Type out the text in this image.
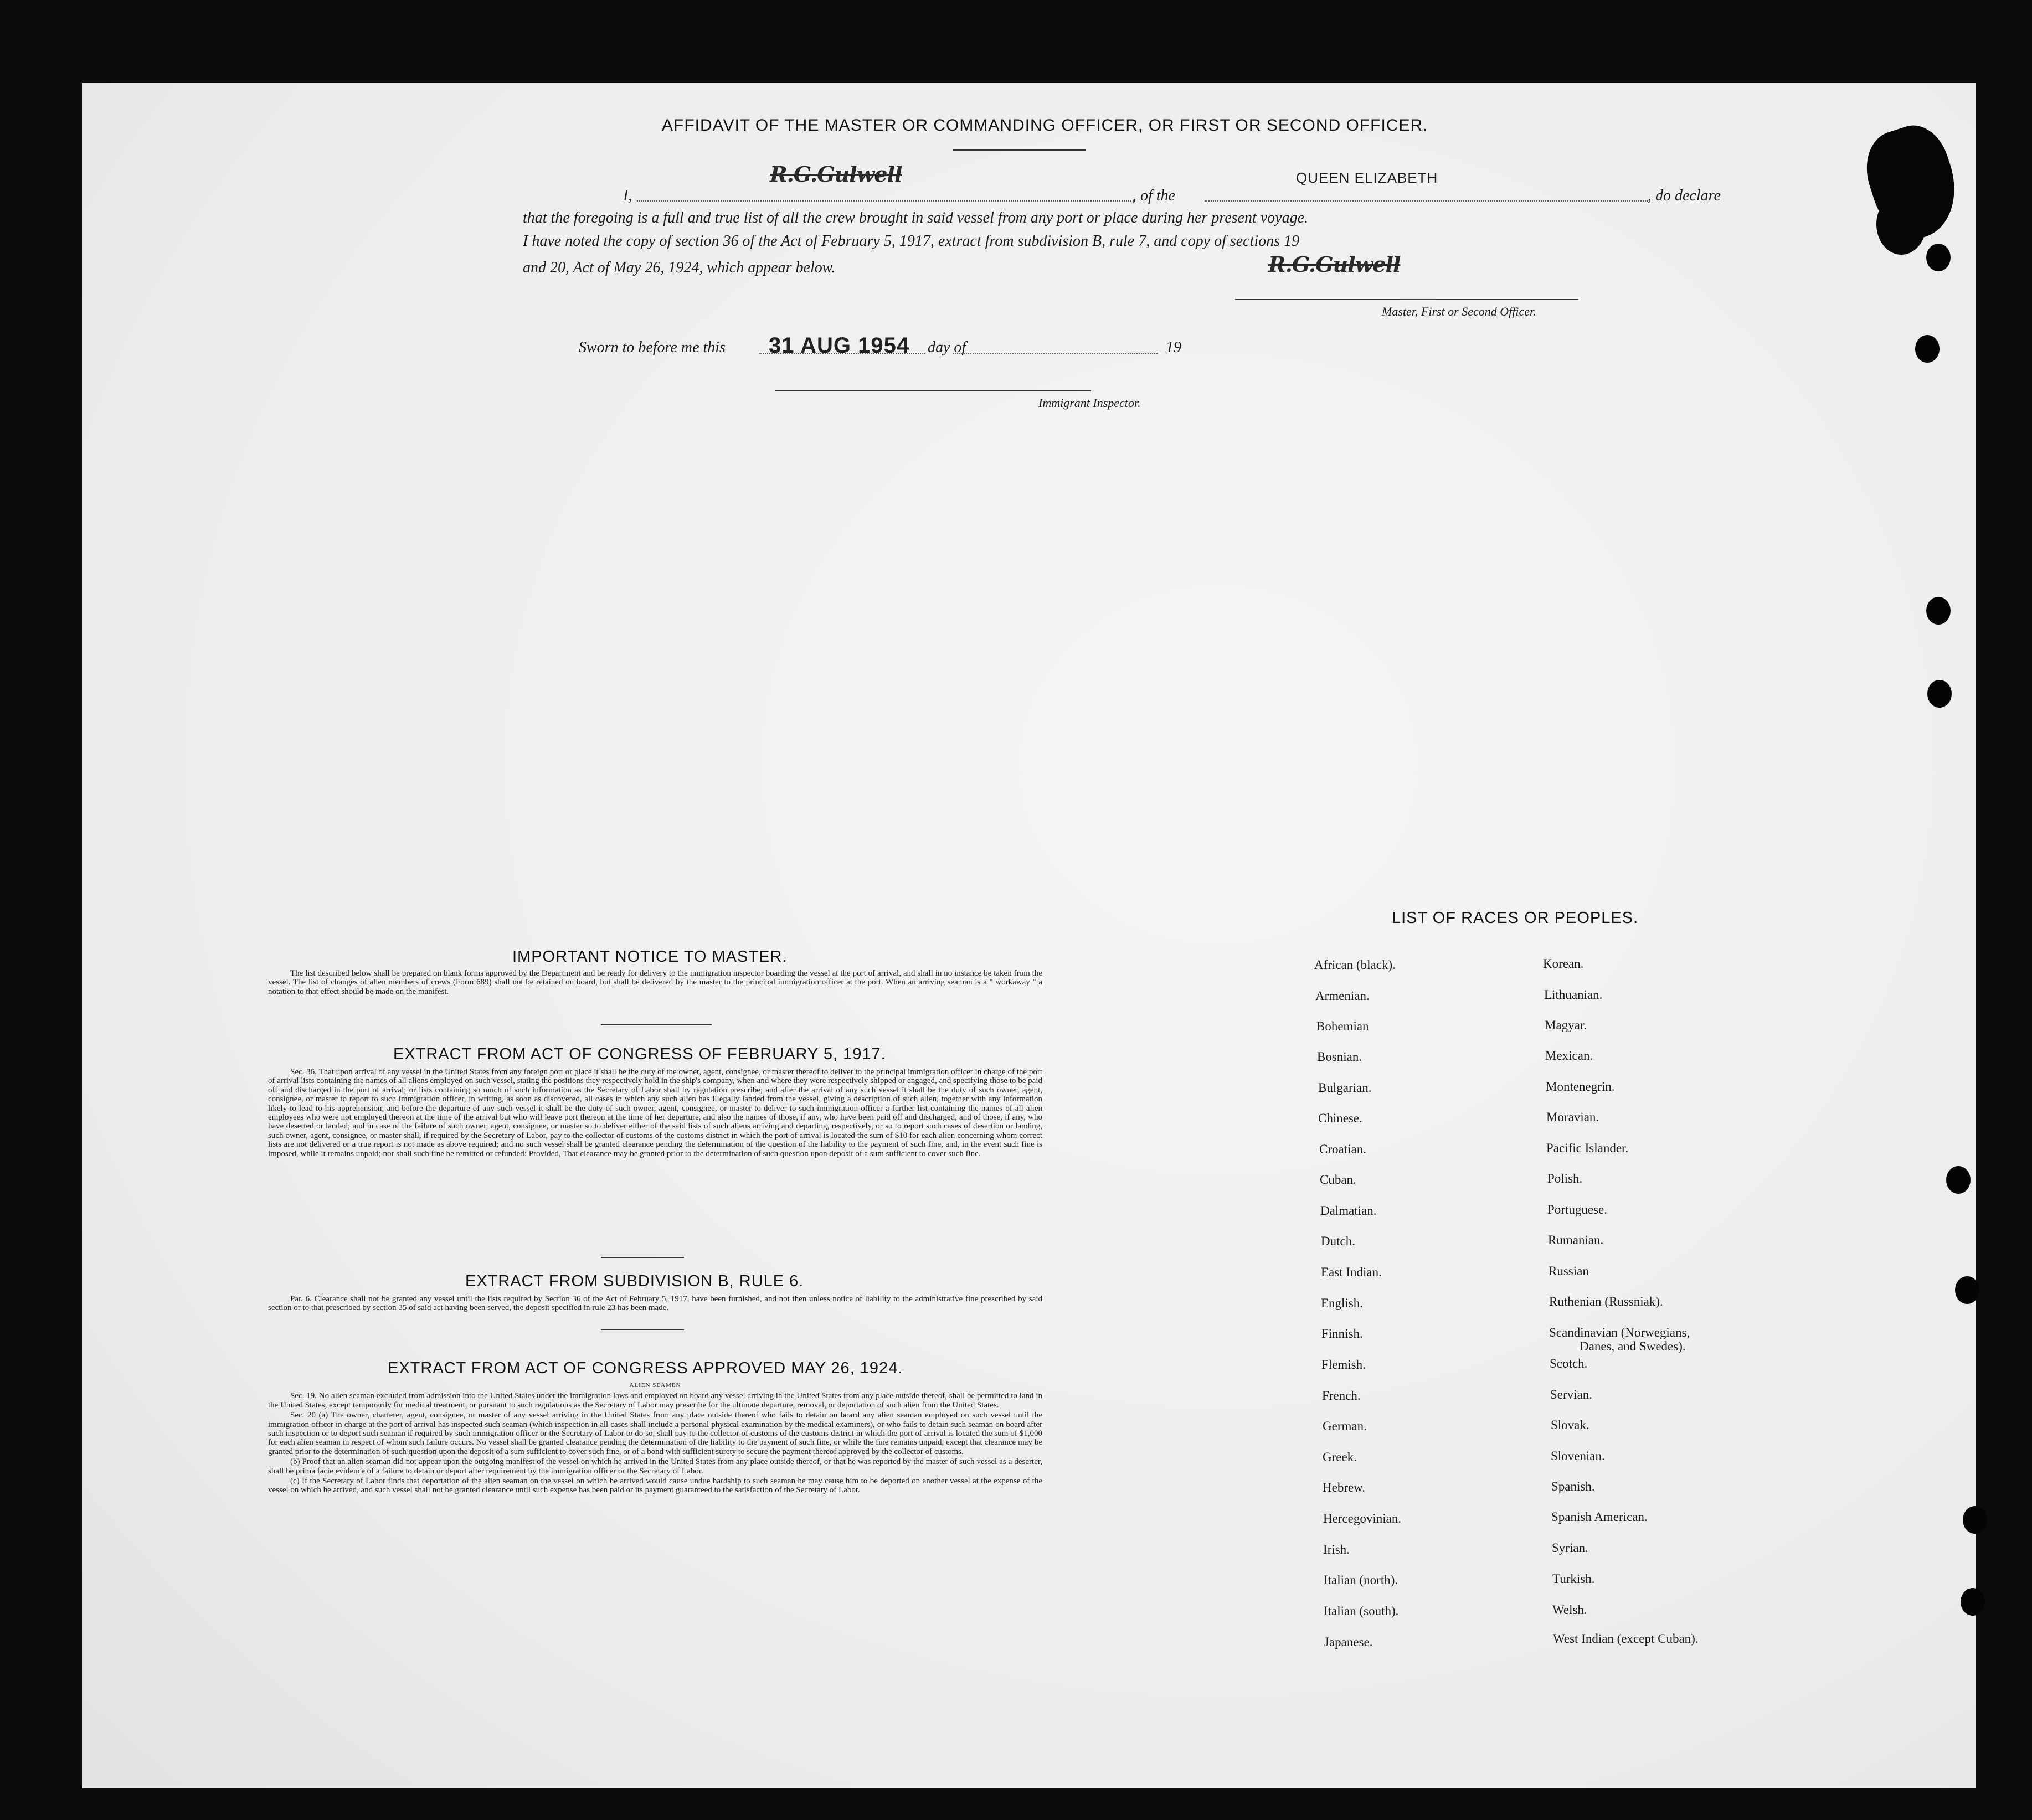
AFFIDAVIT OF THE MASTER OR COMMANDING OFFICER, OR FIRST OR SECOND OFFICER.
I,
R.G.Gulwell
, of the
QUEEN ELIZABETH
, do declare
that the foregoing is a full and true list of all the crew brought in said vessel from any port or place during her present voyage.
I have noted the copy of section 36 of the Act of February 5, 1917, extract from subdivision B, rule 7, and copy of sections 19
and 20, Act of May 26, 1924, which appear below.	R.G.Gulwell
Master, First or Second Officer.
Sworn to before me this 31 AUG 1954 day of	19
Immigrant Inspector.
IMPORTANT NOTICE TO MASTER.

The list described below shall be prepared on blank forms approved by the Department and be ready for delivery to the immigration inspector boarding the vessel at the port of arrival, and shall in no instance be taken from the vessel. The list of changes of alien members of crews (Form 689) shall not be retained on board, but shall be delivered by the master to the principal immigration officer at the port. When an arriving seaman is a " workaway " a notation to that effect should be made on the manifest.

EXTRACT FROM ACT OF CONGRESS OF FEBRUARY 5, 1917.

Sec. 36. That upon arrival of any vessel in the United States from any foreign port or place it shall be the duty of the owner, agent, consignee, or master thereof to deliver to the principal immigration officer in charge of the port of arrival lists containing the names of all aliens employed on such vessel, stating the positions they respectively hold in the ship's company, when and where they were respectively shipped or engaged, and specifying those to be paid off and discharged in the port of arrival; or lists containing so much of such information as the Secretary of Labor shall by regulation prescribe; and after the arrival of any such vessel it shall be the duty of such owner, agent, consignee, or master to report to such immigration officer, in writing, as soon as discovered, all cases in which any such alien has illegally landed from the vessel, giving a description of such alien, together with any information likely to lead to his apprehension; and before the departure of any such vessel it shall be the duty of such owner, agent, consignee, or master to deliver to such immigration officer a further list containing the names of all alien employees who were not employed thereon at the time of the arrival but who will leave port thereon at the time of her departure, and also the names of those, if any, who have been paid off and discharged, and of those, if any, who have deserted or landed; and in case of the failure of such owner, agent, consignee, or master so to deliver either of the said lists of such aliens arriving and departing, respectively, or so to report such cases of desertion or landing, such owner, agent, consignee, or master shall, if required by the Secretary of Labor, pay to the collector of customs of the customs district in which the port of arrival is located the sum of $10 for each alien concerning whom correct lists are not delivered or a true report is not made as above required; and no such vessel shall be granted clearance pending the determination of the question of the liability to the payment of such fine, and, in the event such fine is imposed, while it remains unpaid; nor shall such fine be remitted or refunded: Provided, That clearance may be granted prior to the determination of such question upon deposit of a sum sufficient to cover such fine.

EXTRACT FROM SUBDIVISION B, RULE 6.

Par. 6. Clearance shall not be granted any vessel until the lists required by Section 36 of the Act of February 5, 1917, have been furnished, and not then unless notice of liability to the administrative fine prescribed by said section or to that prescribed by section 35 of said act having been served, the deposit specified in rule 23 has been made.

EXTRACT FROM ACT OF CONGRESS APPROVED MAY 26, 1924.

ALIEN SEAMEN

Sec. 19. No alien seaman excluded from admission into the United States under the immigration laws and employed on board any vessel arriving in the United States from any place outside thereof, shall be permitted to land in the United States, except temporarily for medical treatment, or pursuant to such regulations as the Secretary of Labor may prescribe for the ultimate departure, removal, or deportation of such alien from the United States.

Sec. 20 (a) The owner, charterer, agent, consignee, or master of any vessel arriving in the United States from any place outside thereof who fails to detain on board any alien seaman employed on such vessel until the immigration officer in charge at the port of arrival has inspected such seaman (which inspection in all cases shall include a personal physical examination by the medical examiners), or who fails to detain such seaman on board after such inspection or to deport such seaman if required by such immigration officer or the Secretary of Labor to do so, shall pay to the collector of customs of the customs district in which the port of arrival is located the sum of $1,000 for each alien seaman in respect of whom such failure occurs. No vessel shall be granted clearance pending the determination of the liability to the payment of such fine, or while the fine remains unpaid, except that clearance may be granted prior to the determination of such question upon the deposit of a sum sufficient to cover such fine, or of a bond with sufficient surety to secure the payment thereof approved by the collector of customs.

(b) Proof that an alien seaman did not appear upon the outgoing manifest of the vessel on which he arrived in the United States from any place outside thereof, or that he was reported by the master of such vessel as a deserter, shall be prima facie evidence of a failure to detain or deport after requirement by the immigration officer or the Secretary of Labor.

(c) If the Secretary of Labor finds that deportation of the alien seaman on the vessel on which he arrived would cause undue hardship to such seaman he may cause him to be deported on another vessel at the expense of the vessel on which he arrived, and such vessel shall not be granted clearance until such expense has been paid or its payment guaranteed to the satisfaction of the Secretary of Labor.

LIST OF RACES OR PEOPLES.
African (black).
Armenian.
Bohemian
Bosnian.
Bulgarian.
Chinese.
Croatian.
Cuban.
Dalmatian.
Dutch.
East Indian.
English.
Finnish.
Flemish.
French.
German.
Greek.
Hebrew.
Hercegovinian.
Irish.
Italian (north).
Italian (south).
Japanese.
Korean.
Lithuanian.
Magyar.
Mexican.
Montenegrin.
Moravian.
Pacific Islander.
Polish.
Portuguese.
Rumanian.
Russian
Ruthenian (Russniak).
Scandinavian (Norwegians,
Danes, and Swedes).
Scotch.
Servian.
Slovak.
Slovenian.
Spanish.
Spanish American.
Syrian.
Turkish.
Welsh.
West Indian (except Cuban).
